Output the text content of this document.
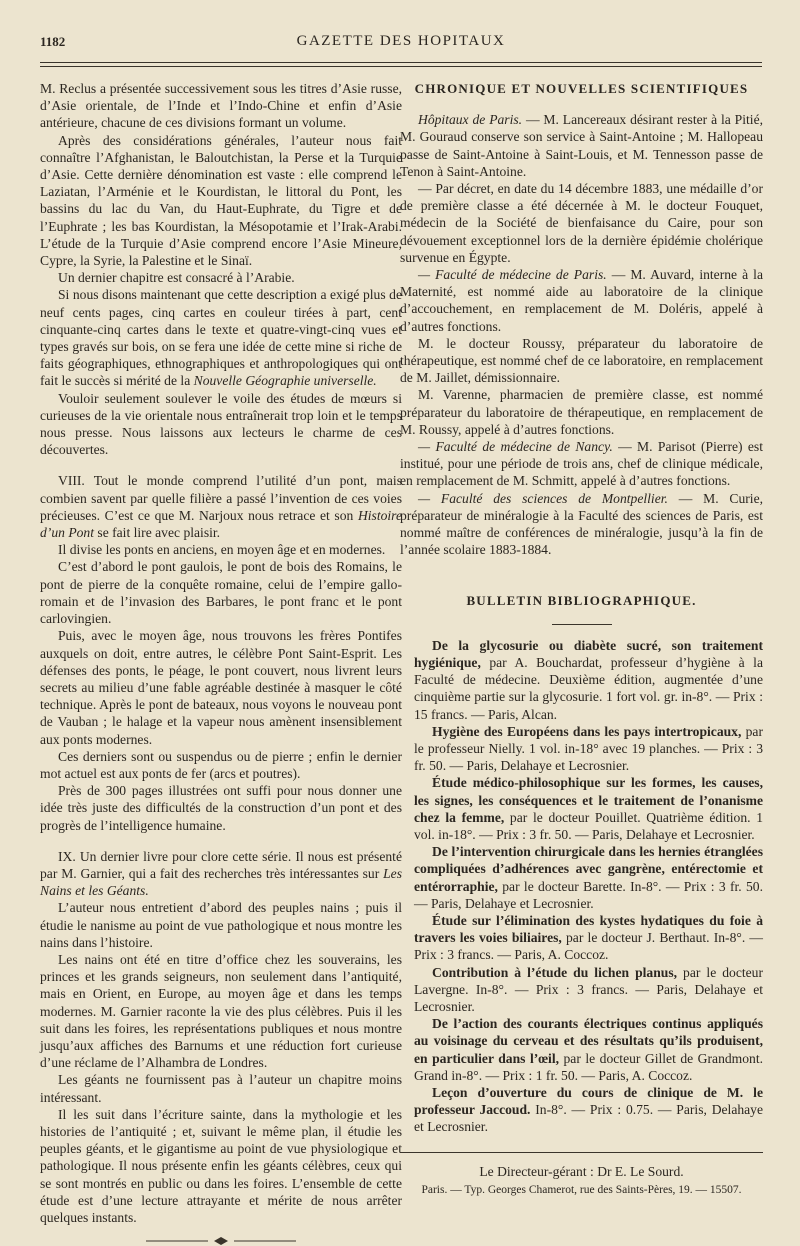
1182	GAZETTE DES HOPITAUX

M. Reclus a présentée successivement sous les titres d’Asie russe, d’Asie orientale, de l’Inde et l’Indo-Chine et enfin d’Asie antérieure, chacune de ces divisions formant un volume.

Après des considérations générales, l’auteur nous fait connaître l’Afghanistan, le Baloutchistan, la Perse et la Turquie d’Asie. Cette dernière dénomination est vaste : elle comprend le Laziatan, l’Arménie et le Kourdistan, le littoral du Pont, les bassins du lac du Van, du Haut-Euphrate, du Tigre et de l’Euphrate ; les bas Kourdistan, la Mésopotamie et l’Irak-Arabi. L’étude de la Turquie d’Asie comprend encore l’Asie Mineure, Cypre, la Syrie, la Palestine et le Sinaï.

Un dernier chapitre est consacré à l’Arabie.

Si nous disons maintenant que cette description a exigé plus de neuf cents pages, cinq cartes en couleur tirées à part, cent cinquante-cinq cartes dans le texte et quatre-vingt-cinq vues et types gravés sur bois, on se fera une idée de cette mine si riche de faits géographiques, ethnographiques et anthropologiques qui ont fait le succès si mérité de la Nouvelle Géographie universelle.

Vouloir seulement soulever le voile des études de mœurs si curieuses de la vie orientale nous entraînerait trop loin et le temps nous presse. Nous laissons aux lecteurs le charme de ces découvertes.

VIII. Tout le monde comprend l’utilité d’un pont, mais combien savent par quelle filière a passé l’invention de ces voies précieuses. C’est ce que M. Narjoux nous retrace et son Histoire d’un Pont se fait lire avec plaisir.

Il divise les ponts en anciens, en moyen âge et en modernes.

C’est d’abord le pont gaulois, le pont de bois des Romains, le pont de pierre de la conquête romaine, celui de l’empire gallo-romain et de l’invasion des Barbares, le pont franc et le pont carlovingien.

Puis, avec le moyen âge, nous trouvons les frères Pontifes auxquels on doit, entre autres, le célèbre Pont Saint-Esprit. Les défenses des ponts, le péage, le pont couvert, nous livrent leurs secrets au milieu d’une fable agréable destinée à masquer le côté technique. Après le pont de bateaux, nous voyons le nouveau pont de Vauban ; le halage et la vapeur nous amènent insensiblement aux ponts modernes.

Ces derniers sont ou suspendus ou de pierre ; enfin le dernier mot actuel est aux ponts de fer (arcs et poutres).

Près de 300 pages illustrées ont suffi pour nous donner une idée très juste des difficultés de la construction d’un pont et des progrès de l’intelligence humaine.

IX. Un dernier livre pour clore cette série. Il nous est présenté par M. Garnier, qui a fait des recherches très intéressantes sur Les Nains et les Géants.

L’auteur nous entretient d’abord des peuples nains ; puis il étudie le nanisme au point de vue pathologique et nous montre les nains dans l’histoire.

Les nains ont été en titre d’office chez les souverains, les princes et les grands seigneurs, non seulement dans l’antiquité, mais en Orient, en Europe, au moyen âge et dans les temps modernes. M. Garnier raconte la vie des plus célèbres. Puis il les suit dans les foires, les représentations publiques et nous montre jusqu’aux affiches des Barnums et une réduction fort curieuse d’une réclame de l’Alhambra de Londres.

Les géants ne fournissent pas à l’auteur un chapitre moins intéressant.

Il les suit dans l’écriture sainte, dans la mythologie et les histories de l’antiquité ; et, suivant le même plan, il étudie les peuples géants, et le gigantisme au point de vue physiologique et pathologique. Il nous présente enfin les géants célèbres, ceux qui se sont montrés en public ou dans les foires. L’ensemble de cette étude est d’une lecture attrayante et mérite de nous arrêter quelques instants.

CHRONIQUE ET NOUVELLES SCIENTIFIQUES

Hôpitaux de Paris. — M. Lancereaux désirant rester à la Pitié, M. Gouraud conserve son service à Saint-Antoine ; M. Hallopeau passe de Saint-Antoine à Saint-Louis, et M. Tennesson passe de Tenon à Saint-Antoine.

— Par décret, en date du 14 décembre 1883, une médaille d’or de première classe a été décernée à M. le docteur Fouquet, médecin de la Société de bienfaisance du Caire, pour son dévouement exceptionnel lors de la dernière épidémie cholérique survenue en Égypte.

— Faculté de médecine de Paris. — M. Auvard, interne à la Maternité, est nommé aide au laboratoire de la clinique d’accouchement, en remplacement de M. Doléris, appelé à d’autres fonctions.

M. le docteur Roussy, préparateur du laboratoire de thérapeutique, est nommé chef de ce laboratoire, en remplacement de M. Jaillet, démissionnaire.

M. Varenne, pharmacien de première classe, est nommé préparateur du laboratoire de thérapeutique, en remplacement de M. Roussy, appelé à d’autres fonctions.

— Faculté de médecine de Nancy. — M. Parisot (Pierre) est institué, pour une période de trois ans, chef de clinique médicale, en remplacement de M. Schmitt, appelé à d’autres fonctions.

— Faculté des sciences de Montpellier. — M. Curie, préparateur de minéralogie à la Faculté des sciences de Paris, est nommé maître de conférences de minéralogie, jusqu’à la fin de l’année scolaire 1883-1884.

BULLETIN BIBLIOGRAPHIQUE.

De la glycosurie ou diabète sucré, son traitement hygiénique, par A. Bouchardat, professeur d’hygiène à la Faculté de médecine. Deuxième édition, augmentée d’une cinquième partie sur la glycosurie. 1 fort vol. gr. in-8°. — Prix : 15 francs. — Paris, Alcan.

Hygiène des Européens dans les pays intertropicaux, par le professeur Nielly. 1 vol. in-18° avec 19 planches. — Prix : 3 fr. 50. — Paris, Delahaye et Lecrosnier.

Étude médico-philosophique sur les formes, les causes, les signes, les conséquences et le traitement de l’onanisme chez la femme, par le docteur Pouillet. Quatrième édition. 1 vol. in-18°. — Prix : 3 fr. 50. — Paris, Delahaye et Lecrosnier.

De l’intervention chirurgicale dans les hernies étranglées compliquées d’adhérences avec gangrène, entérectomie et entérorraphie, par le docteur Barette. In-8°. — Prix : 3 fr. 50. — Paris, Delahaye et Lecrosnier.

Étude sur l’élimination des kystes hydatiques du foie à travers les voies biliaires, par le docteur J. Berthaut. In-8°. — Prix : 3 francs. — Paris, A. Coccoz.

Contribution à l’étude du lichen planus, par le docteur Lavergne. In-8°. — Prix : 3 francs. — Paris, Delahaye et Lecrosnier.

De l’action des courants électriques continus appliqués au voisinage du cerveau et des résultats qu’ils produisent, en particulier dans l’œil, par le docteur Gillet de Grandmont. Grand in-8°. — Prix : 1 fr. 50. — Paris, A. Coccoz.

Leçon d’ouverture du cours de clinique de M. le professeur Jaccoud. In-8°. — Prix : 0.75. — Paris, Delahaye et Lecrosnier.

Le Directeur-gérant : Dr E. Le Sourd.
Paris. — Typ. Georges Chamerot, rue des Saints-Pères, 19. — 15507.
